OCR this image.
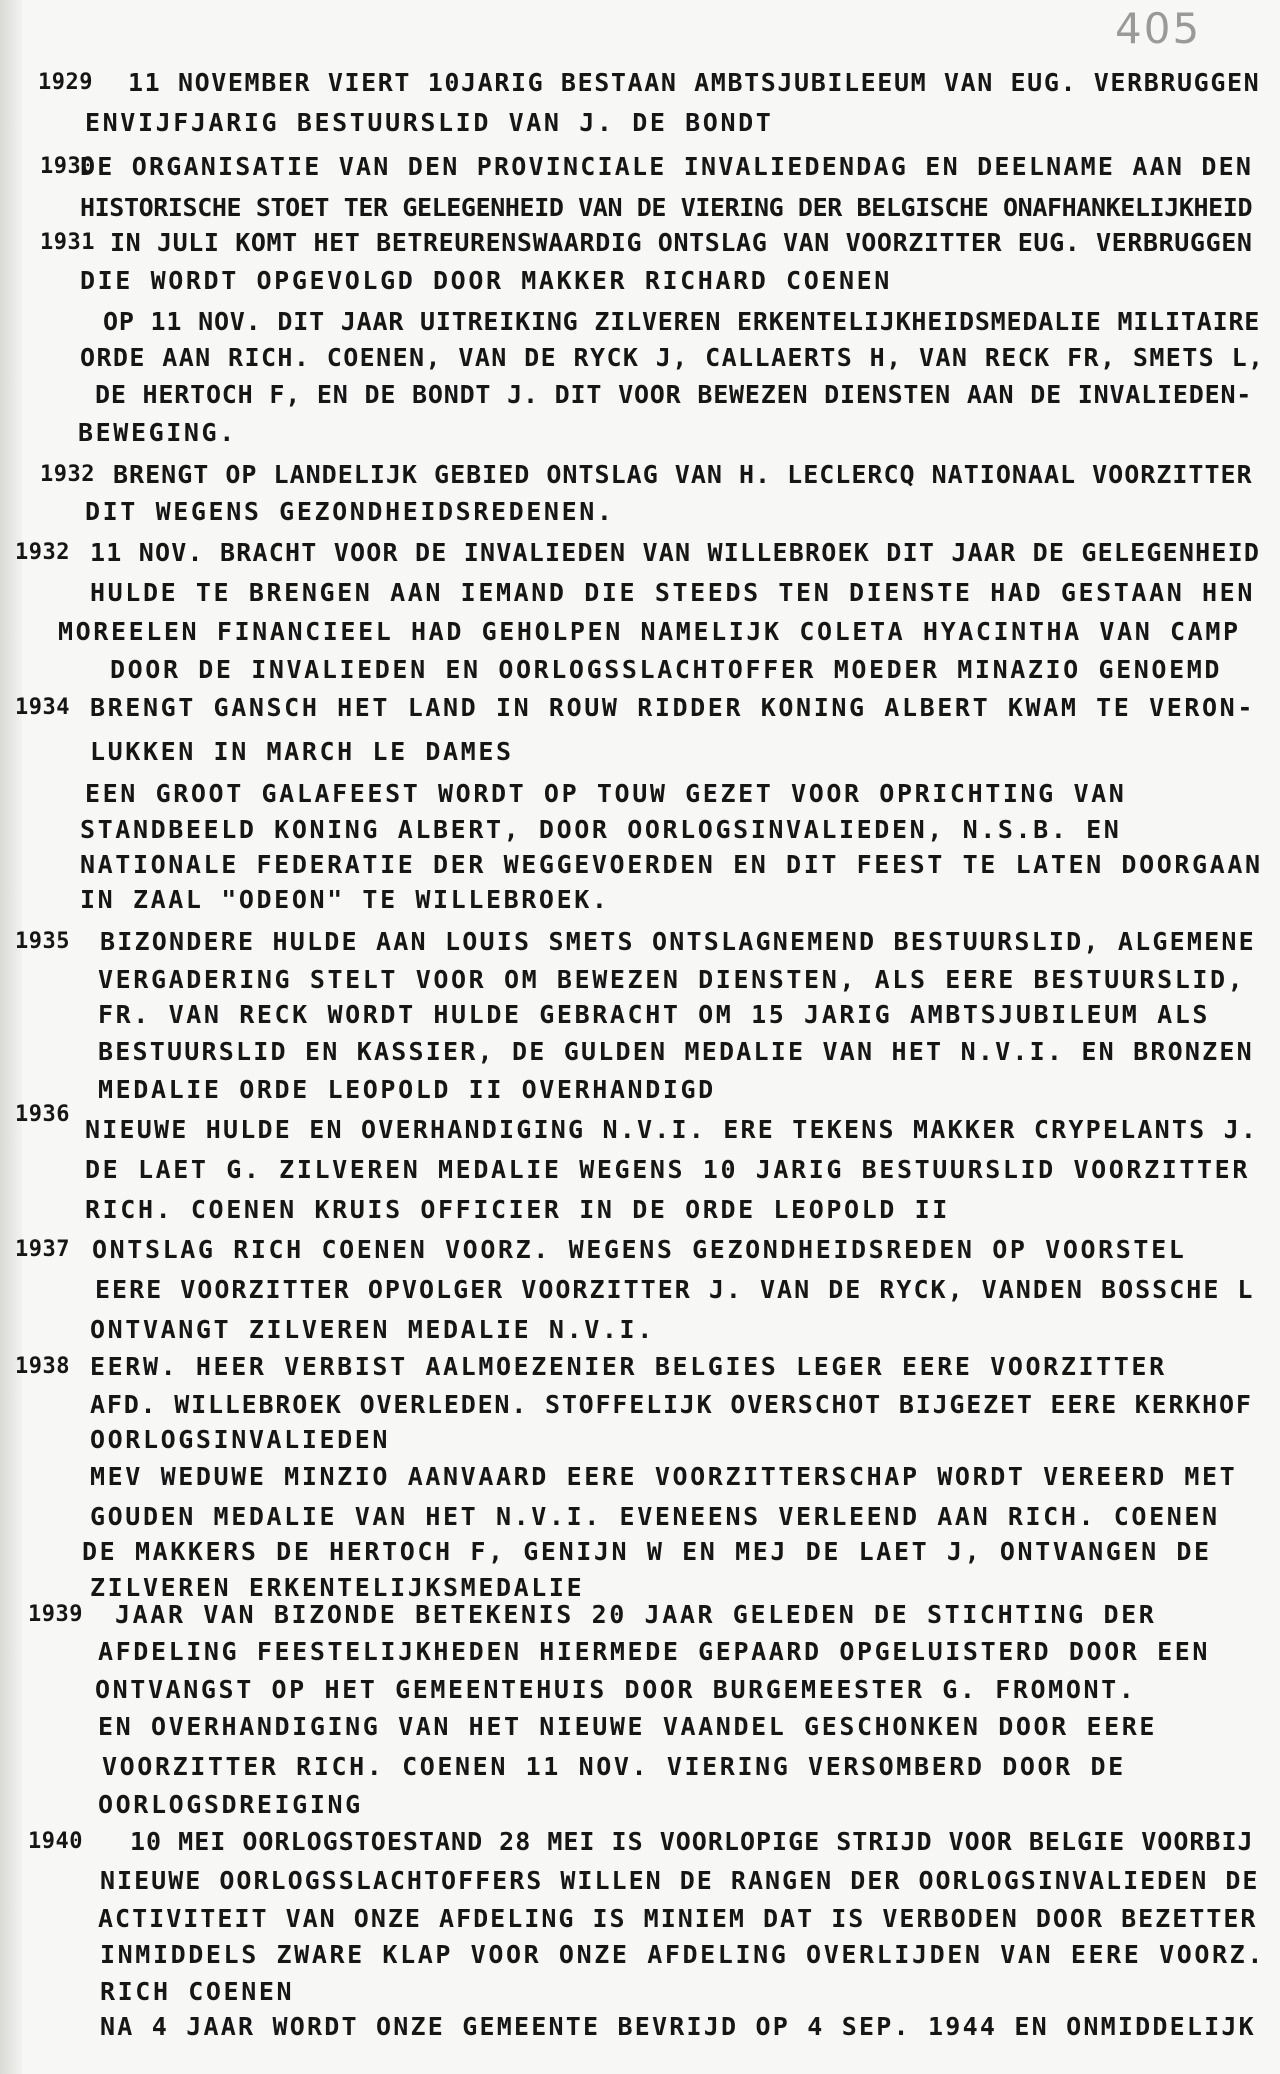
405
1929 11 NOVEMBER VIERT 10JARIG BESTAAN AMBTSJUBILEEUM VAN EUG. VERBRUGGEN
ENVIJFJARIG BESTUURSLID VAN J. DE BONDT
1930
DE ORGANISATIE VAN DEN PROVINCIALE INVALIEDENDAG EN DEELNAME AAN DEN
HISTORISCHE STOET TER GELEGENHEID VAN DE VIERING DER BELGISCHE ONAFHANKELIJKHEID
1931 IN JULI KOMT HET BETREURENSWAARDIG ONTSLAG VAN VOORZITTER EUG. VERBRUGGEN
DIE WORDT OPGEVOLGD DOOR MAKKER RICHARD COENEN
OP 11 NOV. DIT JAAR UITREIKING ZILVEREN ERKENTELIJKHEIDSMEDALIE MILITAIRE
ORDE AAN RICH. COENEN, VAN DE RYCK J, CALLAERTS H, VAN RECK FR, SMETS L,
DE HERTOCH F, EN DE BONDT J. DIT VOOR BEWEZEN DIENSTEN AAN DE INVALIEDEN-
BEWEGING.
1932 BRENGT OP LANDELIJK GEBIED ONTSLAG VAN H. LECLERCQ NATIONAAL VOORZITTER
DIT WEGENS GEZONDHEIDSREDENEN.
1932 11 NOV. BRACHT VOOR DE INVALIEDEN VAN WILLEBROEK DIT JAAR DE GELEGENHEID
HULDE TE BRENGEN AAN IEMAND DIE STEEDS TEN DIENSTE HAD GESTAAN HEN
MOREELEN FINANCIEEL HAD GEHOLPEN NAMELIJK COLETA HYACINTHA VAN CAMP
DOOR DE INVALIEDEN EN OORLOGSSLACHTOFFER MOEDER MINAZIO GENOEMD
1934 BRENGT GANSCH HET LAND IN ROUW RIDDER KONING ALBERT KWAM TE VERON-
LUKKEN IN MARCH LE DAMES
EEN GROOT GALAFEEST WORDT OP TOUW GEZET VOOR OPRICHTING VAN
STANDBEELD KONING ALBERT, DOOR OORLOGSINVALIEDEN, N.S.B. EN
NATIONALE FEDERATIE DER WEGGEVOERDEN EN DIT FEEST TE LATEN DOORGAAN
IN ZAAL "ODEON" TE WILLEBROEK.
1935 BIZONDERE HULDE AAN LOUIS SMETS ONTSLAGNEMEND BESTUURSLID, ALGEMENE
VERGADERING STELT VOOR OM BEWEZEN DIENSTEN, ALS EERE BESTUURSLID,
FR. VAN RECK WORDT HULDE GEBRACHT OM 15 JARIG AMBTSJUBILEUM ALS
BESTUURSLID EN KASSIER, DE GULDEN MEDALIE VAN HET N.V.I. EN BRONZEN
MEDALIE ORDE LEOPOLD II OVERHANDIGD
1936
NIEUWE HULDE EN OVERHANDIGING N.V.I. ERE TEKENS MAKKER CRYPELANTS J.
DE LAET G. ZILVEREN MEDALIE WEGENS 10 JARIG BESTUURSLID VOORZITTER
RICH. COENEN KRUIS OFFICIER IN DE ORDE LEOPOLD II
1937 ONTSLAG RICH COENEN VOORZ. WEGENS GEZONDHEIDSREDEN OP VOORSTEL
EERE VOORZITTER OPVOLGER VOORZITTER J. VAN DE RYCK, VANDEN BOSSCHE L
ONTVANGT ZILVEREN MEDALIE N.V.I.
1938 EERW. HEER VERBIST AALMOEZENIER BELGIES LEGER EERE VOORZITTER
AFD. WILLEBROEK OVERLEDEN. STOFFELIJK OVERSCHOT BIJGEZET EERE KERKHOF
OORLOGSINVALIEDEN
MEV WEDUWE MINZIO AANVAARD EERE VOORZITTERSCHAP WORDT VEREERD MET
GOUDEN MEDALIE VAN HET N.V.I. EVENEENS VERLEEND AAN RICH. COENEN
DE MAKKERS DE HERTOCH F, GENIJN W EN MEJ DE LAET J, ONTVANGEN DE
ZILVEREN ERKENTELIJKSMEDALIE
1939 JAAR VAN BIZONDE BETEKENIS 20 JAAR GELEDEN DE STICHTING DER
AFDELING FEESTELIJKHEDEN HIERMEDE GEPAARD OPGELUISTERD DOOR EEN
ONTVANGST OP HET GEMEENTEHUIS DOOR BURGEMEESTER G. FROMONT.
EN OVERHANDIGING VAN HET NIEUWE VAANDEL GESCHONKEN DOOR EERE
VOORZITTER RICH. COENEN 11 NOV. VIERING VERSOMBERD DOOR DE
OORLOGSDREIGING
1940 10 MEI OORLOGSTOESTAND 28 MEI IS VOORLOPIGE STRIJD VOOR BELGIE VOORBIJ
NIEUWE OORLOGSSLACHTOFFERS WILLEN DE RANGEN DER OORLOGSINVALIEDEN DE
ACTIVITEIT VAN ONZE AFDELING IS MINIEM DAT IS VERBODEN DOOR BEZETTER
INMIDDELS ZWARE KLAP VOOR ONZE AFDELING OVERLIJDEN VAN EERE VOORZ.
RICH COENEN
NA 4 JAAR WORDT ONZE GEMEENTE BEVRIJD OP 4 SEP. 1944 EN ONMIDDELIJK
